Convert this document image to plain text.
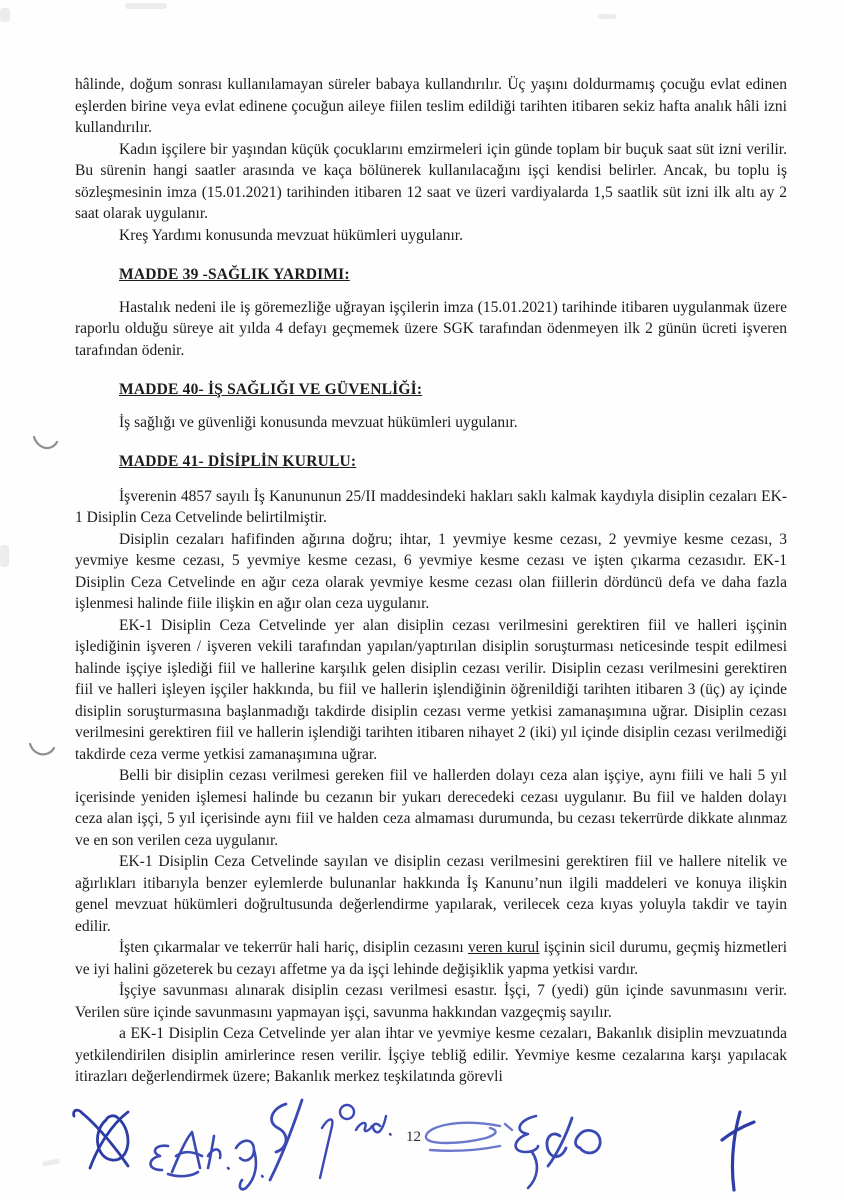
hâlinde, doğum sonrası kullanılamayan süreler babaya kullandırılır. Üç yaşını doldurmamış çocuğu evlat edinen eşlerden birine veya evlat edinene çocuğun aileye fiilen teslim edildiği tarihten itibaren sekiz hafta analık hâli izni kullandırılır.

Kadın işçilere bir yaşından küçük çocuklarını emzirmeleri için günde toplam bir buçuk saat süt izni verilir. Bu sürenin hangi saatler arasında ve kaça bölünerek kullanılacağını işçi kendisi belirler. Ancak, bu toplu iş sözleşmesinin imza (15.01.2021) tarihinden itibaren 12 saat ve üzeri vardiyalarda 1,5 saatlik süt izni ilk altı ay 2 saat olarak uygulanır.

Kreş Yardımı konusunda mevzuat hükümleri uygulanır.

MADDE 39 -SAĞLIK YARDIMI:

Hastalık nedeni ile iş göremezliğe uğrayan işçilerin imza (15.01.2021) tarihinde itibaren uygulanmak üzere raporlu olduğu süreye ait yılda 4 defayı geçmemek üzere SGK tarafından ödenmeyen ilk 2 günün ücreti işveren tarafından ödenir.

MADDE 40- İŞ SAĞLIĞI VE GÜVENLİĞİ:

İş sağlığı ve güvenliği konusunda mevzuat hükümleri uygulanır.

MADDE 41- DİSİPLİN KURULU:

İşverenin 4857 sayılı İş Kanununun 25/II maddesindeki hakları saklı kalmak kaydıyla disiplin cezaları EK-1 Disiplin Ceza Cetvelinde belirtilmiştir.

Disiplin cezaları hafifinden ağırına doğru; ihtar, 1 yevmiye kesme cezası, 2 yevmiye kesme cezası, 3 yevmiye kesme cezası, 5 yevmiye kesme cezası, 6 yevmiye kesme cezası ve işten çıkarma cezasıdır. EK-1 Disiplin Ceza Cetvelinde en ağır ceza olarak yevmiye kesme cezası olan fiillerin dördüncü defa ve daha fazla işlenmesi halinde fiile ilişkin en ağır olan ceza uygulanır.

EK-1 Disiplin Ceza Cetvelinde yer alan disiplin cezası verilmesini gerektiren fiil ve halleri işçinin işlediğinin işveren / işveren vekili tarafından yapılan/yaptırılan disiplin soruşturması neticesinde tespit edilmesi halinde işçiye işlediği fiil ve hallerine karşılık gelen disiplin cezası verilir. Disiplin cezası verilmesini gerektiren fiil ve halleri işleyen işçiler hakkında, bu fiil ve hallerin işlendiğinin öğrenildiği tarihten itibaren 3 (üç) ay içinde disiplin soruşturmasına başlanmadığı takdirde disiplin cezası verme yetkisi zamanaşımına uğrar. Disiplin cezası verilmesini gerektiren fiil ve hallerin işlendiği tarihten itibaren nihayet 2 (iki) yıl içinde disiplin cezası verilmediği takdirde ceza verme yetkisi zamanaşımına uğrar.

Belli bir disiplin cezası verilmesi gereken fiil ve hallerden dolayı ceza alan işçiye, aynı fiili ve hali 5 yıl içerisinde yeniden işlemesi halinde bu cezanın bir yukarı derecedeki cezası uygulanır. Bu fiil ve halden dolayı ceza alan işçi, 5 yıl içerisinde aynı fiil ve halden ceza almaması durumunda, bu cezası tekerrürde dikkate alınmaz ve en son verilen ceza uygulanır.

EK-1 Disiplin Ceza Cetvelinde sayılan ve disiplin cezası verilmesini gerektiren fiil ve hallere nitelik ve ağırlıkları itibarıyla benzer eylemlerde bulunanlar hakkında İş Kanunu’nun ilgili maddeleri ve konuya ilişkin genel mevzuat hükümleri doğrultusunda değerlendirme yapılarak, verilecek ceza kıyas yoluyla takdir ve tayin edilir.

İşten çıkarmalar ve tekerrür hali hariç, disiplin cezasını veren kurul işçinin sicil durumu, geçmiş hizmetleri ve iyi halini gözeterek bu cezayı affetme ya da işçi lehinde değişiklik yapma yetkisi vardır.

İşçiye savunması alınarak disiplin cezası verilmesi esastır. İşçi, 7 (yedi) gün içinde savunmasını verir. Verilen süre içinde savunmasını yapmayan işçi, savunma hakkından vazgeçmiş sayılır.

a EK-1 Disiplin Ceza Cetvelinde yer alan ihtar ve yevmiye kesme cezaları, Bakanlık disiplin mevzuatında yetkilendirilen disiplin amirlerince resen verilir. İşçiye tebliğ edilir. Yevmiye kesme cezalarına karşı yapılacak itirazları değerlendirmek üzere; Bakanlık merkez teşkilatında görevli

12
